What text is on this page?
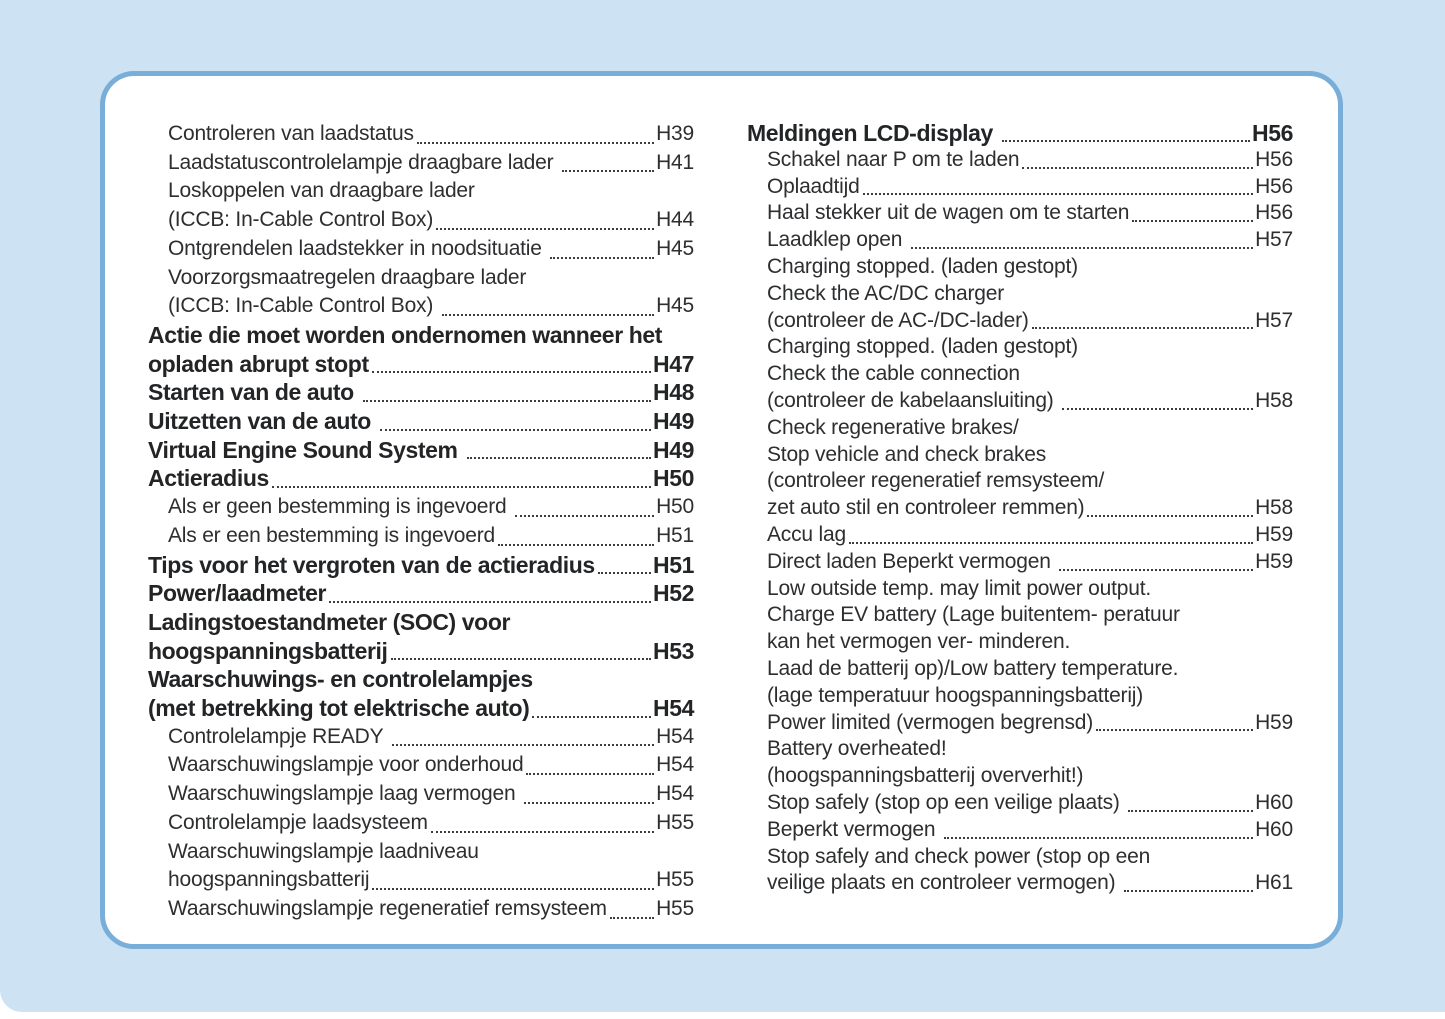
Controleren van laadstatus	H39
Laadstatuscontrolelampje draagbare lader	H41
Loskoppelen van draagbare lader
(ICCB: In-Cable Control Box)	H44
Ontgrendelen laadstekker in noodsituatie	H45
Voorzorgsmaatregelen draagbare lader
(ICCB: In-Cable Control Box)	H45
Actie die moet worden ondernomen wanneer het
opladen abrupt stopt	H47
Starten van de auto	H48
Uitzetten van de auto	H49
Virtual Engine Sound System	H49
Actieradius	H50
Als er geen bestemming is ingevoerd	H50
Als er een bestemming is ingevoerd	H51
Tips voor het vergroten van de actieradius	H51
Power/laadmeter	H52
Ladingstoestandmeter (SOC) voor
hoogspanningsbatterij	H53
Waarschuwings- en controlelampjes
(met betrekking tot elektrische auto)	H54
Controlelampje READY	H54
Waarschuwingslampje voor onderhoud	H54
Waarschuwingslampje laag vermogen	H54
Controlelampje laadsysteem	H55
Waarschuwingslampje laadniveau
hoogspanningsbatterij	H55
Waarschuwingslampje regeneratief remsysteem H55
Meldingen LCD-display	H56
Schakel naar P om te laden	H56
Oplaadtijd	H56
Haal stekker uit de wagen om te starten	H56
Laadklep open	H57
Charging stopped. (laden gestopt)
Check the AC/DC charger
(controleer de AC-/DC-lader)	H57
Charging stopped. (laden gestopt)
Check the cable connection
(controleer de kabelaansluiting)	H58
Check regenerative brakes/
Stop vehicle and check brakes
(controleer regeneratief remsysteem/
zet auto stil en controleer remmen)	H58
Accu lag	H59
Direct laden Beperkt vermogen	H59
Low outside temp. may limit power output.
Charge EV battery (Lage buitentem- peratuur
kan het vermogen ver- minderen.
Laad de batterij op)/Low battery temperature.
(lage temperatuur hoogspanningsbatterij)
Power limited (vermogen begrensd)	H59
Battery overheated!
(hoogspanningsbatterij oververhit!)
Stop safely (stop op een veilige plaats)	H60
Beperkt vermogen	H60
Stop safely and check power (stop op een
veilige plaats en controleer vermogen)	H61
